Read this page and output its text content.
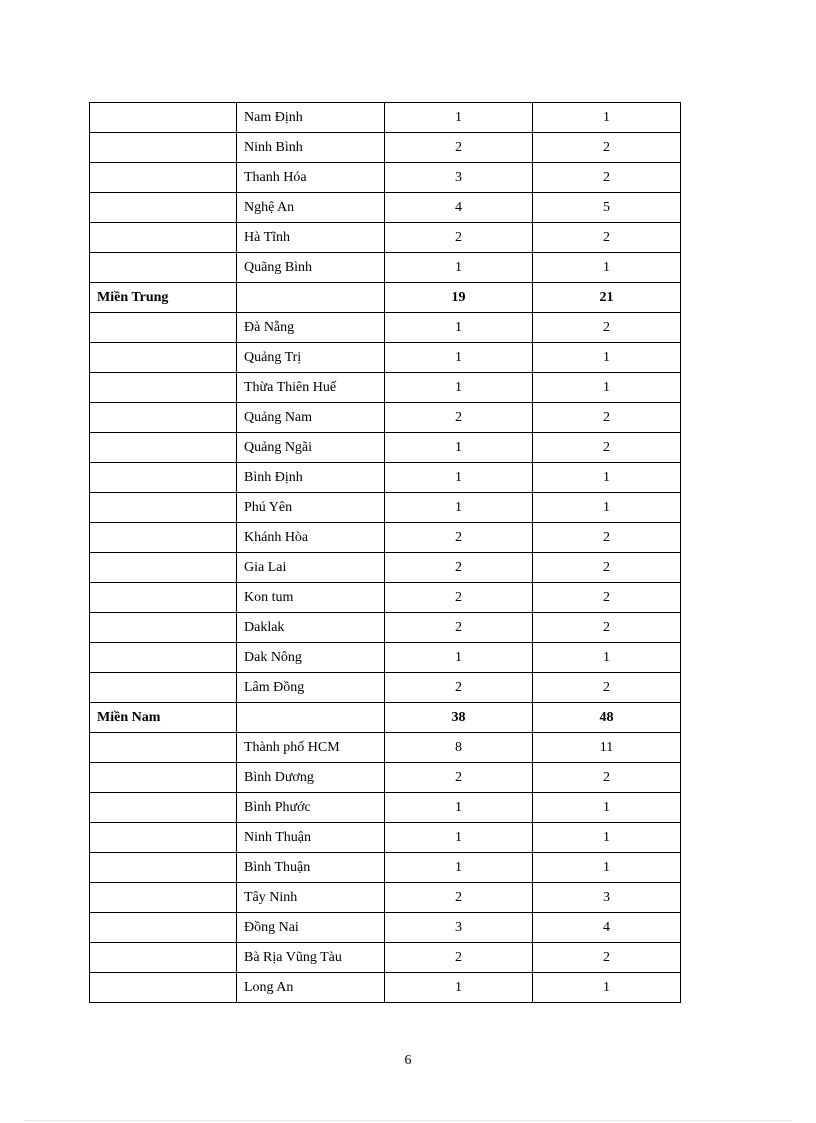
	Nam Định	1	1
	Ninh Bình	2	2
	Thanh Hóa	3	2
	Nghệ An	4	5
	Hà Tĩnh	2	2
	Quãng Bình	1	1
Miền Trung		19	21
	Đà Nẵng	1	2
	Quảng Trị	1	1
	Thừa Thiên Huế	1	1
	Quảng Nam	2	2
	Quảng Ngãi	1	2
	Bình Định	1	1
	Phú Yên	1	1
	Khánh Hòa	2	2
	Gia Lai	2	2
	Kon tum	2	2
	Daklak	2	2
	Dak Nông	1	1
	Lâm Đồng	2	2
Miền Nam		38	48
	Thành phố HCM	8	11
	Bình Dương	2	2
	Bình Phước	1	1
	Ninh Thuận	1	1
	Bình Thuận	1	1
	Tây Ninh	2	3
	Đồng Nai	3	4
	Bà Rịa Vũng Tàu	2	2
	Long An	1	1
6
